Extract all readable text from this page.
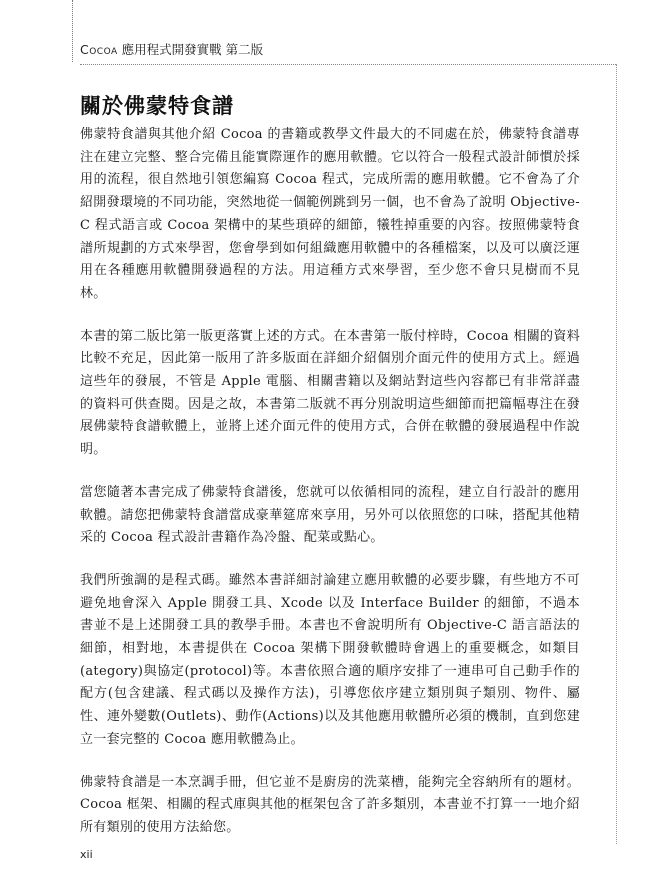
Cocoa 應用程式開發實戰 第二版
關於佛蒙特食譜

佛蒙特食譜與其他介紹 Cocoa 的書籍或教學文件最大的不同處在於，佛蒙特食譜專注在建立完整、整合完備且能實際運作的應用軟體。它以符合一般程式設計師慣於採用的流程，很自然地引領您編寫 Cocoa 程式，完成所需的應用軟體。它不會為了介紹開發環境的不同功能，突然地從一個範例跳到另一個，也不會為了說明 Objective-C 程式語言或 Cocoa 架構中的某些瑣碎的細節，犧牲掉重要的內容。按照佛蒙特食譜所規劃的方式來學習，您會學到如何組織應用軟體中的各種檔案，以及可以廣泛運用在各種應用軟體開發過程的方法。用這種方式來學習，至少您不會只見樹而不見林。

本書的第二版比第一版更落實上述的方式。在本書第一版付梓時，Cocoa 相關的資料比較不充足，因此第一版用了許多版面在詳細介紹個別介面元件的使用方式上。經過這些年的發展，不管是 Apple 電腦、相關書籍以及網站對這些內容都已有非常詳盡的資料可供查閱。因是之故，本書第二版就不再分別說明這些細節而把篇幅專注在發展佛蒙特食譜軟體上，並將上述介面元件的使用方式，合併在軟體的發展過程中作說明。

當您隨著本書完成了佛蒙特食譜後，您就可以依循相同的流程，建立自行設計的應用軟體。請您把佛蒙特食譜當成豪華筵席來享用，另外可以依照您的口味，搭配其他精采的 Cocoa 程式設計書籍作為冷盤、配菜或點心。

我們所強調的是程式碼。雖然本書詳細討論建立應用軟體的必要步驟，有些地方不可避免地會深入 Apple 開發工具、Xcode 以及 Interface Builder 的細節，不過本書並不是上述開發工具的教學手冊。本書也不會說明所有 Objective-C 語言語法的細節，相對地，本書提供在 Cocoa 架構下開發軟體時會遇上的重要概念，如類目(ategory)與協定(protocol)等。本書依照合適的順序安排了一連串可自己動手作的配方(包含建議、程式碼以及操作方法)，引導您依序建立類別與子類別、物件、屬性、連外變數(Outlets)、動作(Actions)以及其他應用軟體所必須的機制，直到您建立一套完整的 Cocoa 應用軟體為止。

佛蒙特食譜是一本烹調手冊，但它並不是廚房的洗菜槽，能夠完全容納所有的題材。Cocoa 框架、相關的程式庫與其他的框架包含了許多類別，本書並不打算一一地介紹所有類別的使用方法給您。

xii
